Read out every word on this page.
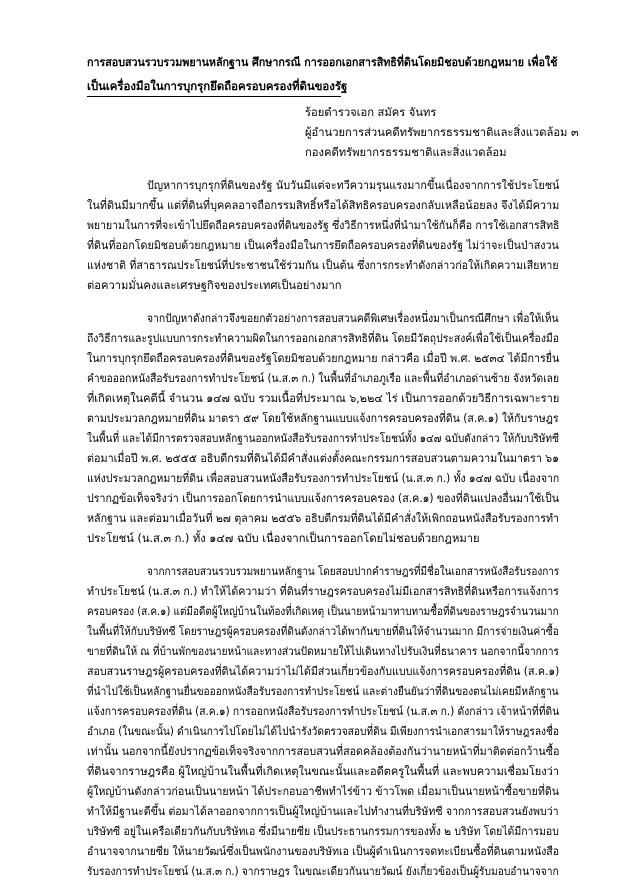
การสอบสวนรวบรวมพยานหลักฐาน ศึกษากรณี การออกเอกสารสิทธิที่ดินโดยมิชอบด้วยกฎหมาย เพื่อใช้
เป็นเครื่องมือในการบุกรุกยึดถือครอบครองที่ดินของรัฐ
ร้อยตำรวจเอก สมัคร จันทร
ผู้อำนวยการส่วนคดีทรัพยากรธรรมชาติและสิ่งแวดล้อม ๓
กองคดีทรัพยากรธรรมชาติและสิ่งแวดล้อม
ปัญหาการบุกรุกที่ดินของรัฐ นับวันมีแต่จะทวีความรุนแรงมากขึ้นเนื่องจากการใช้ประโยชน์
ในที่ดินมีมากขึ้น แต่ที่ดินที่บุคคลอาจถือกรรมสิทธิ์หรือได้สิทธิครอบครองกลับเหลือน้อยลง จึงได้มีความ
พยายามในการที่จะเข้าไปยึดถือครอบครองที่ดินของรัฐ ซึ่งวิธีการหนึ่งที่นำมาใช้กันก็คือ การใช้เอกสารสิทธิ
ที่ดินที่ออกโดยมิชอบด้วยกฎหมาย เป็นเครื่องมือในการยึดถือครอบครองที่ดินของรัฐ ไม่ว่าจะเป็นป่าสงวน
แห่งชาติ ที่สาธารณประโยชน์ที่ประชาชนใช้ร่วมกัน เป็นต้น ซึ่งการกระทำดังกล่าวก่อให้เกิดความเสียหาย
ต่อความมั่นคงและเศรษฐกิจของประเทศเป็นอย่างมาก
จากปัญหาดังกล่าวจึงขอยกตัวอย่างการสอบสวนคดีพิเศษเรื่องหนึ่งมาเป็นกรณีศึกษา เพื่อให้เห็น
ถึงวิธีการและรูปแบบการกระทำความผิดในการออกเอกสารสิทธิที่ดิน โดยมีวัตถุประสงค์เพื่อใช้เป็นเครื่องมือ
ในการบุกรุกยึดถือครอบครองที่ดินของรัฐโดยมิชอบด้วยกฎหมาย กล่าวคือ เมื่อปี พ.ศ. ๒๕๓๔ ได้มีการยื่น
คำขอออกหนังสือรับรองการทำประโยชน์ (น.ส.๓ ก.) ในพื้นที่อำเภอภูเรือ และพื้นที่อำเภอด่านซ้าย จังหวัดเลย
ที่เกิดเหตุในคดีนี้ จำนวน ๑๔๗ ฉบับ รวมเนื้อที่ประมาณ ๖,๒๒๔ ไร่ เป็นการออกด้วยวิธีการเฉพาะราย
ตามประมวลกฎหมายที่ดิน มาตรา ๕๙ โดยใช้หลักฐานแบบแจ้งการครอบครองที่ดิน (ส.ค.๑) ให้กับราษฎร
ในพื้นที่ และได้มีการตรวจสอบหลักฐานออกหนังสือรับรองการทำประโยชน์ทั้ง ๑๔๗ ฉบับดังกล่าว ให้กับบริษัทซี
ต่อมาเมื่อปี พ.ศ. ๒๕๕๕ อธิบดีกรมที่ดินได้มีคำสั่งแต่งตั้งคณะกรรมการสอบสวนตามความในมาตรา ๖๑
แห่งประมวลกฎหมายที่ดิน เพื่อสอบสวนหนังสือรับรองการทำประโยชน์ (น.ส.๓ ก.) ทั้ง ๑๔๗ ฉบับ เนื่องจาก
ปรากฏข้อเท็จจริงว่า เป็นการออกโดยการนำแบบแจ้งการครอบครอง (ส.ค.๑) ของที่ดินแปลงอื่นมาใช้เป็น
หลักฐาน และต่อมาเมื่อวันที่ ๒๗ ตุลาคม ๒๕๕๖ อธิบดีกรมที่ดินได้มีคำสั่งให้เพิกถอนหนังสือรับรองการทำ
ประโยชน์ (น.ส.๓ ก.) ทั้ง ๑๔๗ ฉบับ เนื่องจากเป็นการออกโดยไม่ชอบด้วยกฎหมาย
จากการสอบสวนรวบรวมพยานหลักฐาน โดยสอบปากคำราษฎรที่มีชื่อในเอกสารหนังสือรับรองการ
ทำประโยชน์ (น.ส.๓ ก.) ทำให้ได้ความว่า ที่ดินที่ราษฎรครอบครองไม่มีเอกสารสิทธิที่ดินหรือการแจ้งการ
ครอบครอง (ส.ค.๑) แต่มีอดีตผู้ใหญ่บ้านในท้องที่เกิดเหตุ เป็นนายหน้ามาทาบทามซื้อที่ดินของราษฎรจำนวนมาก
ในพื้นที่ให้กับบริษัทซี โดยราษฎรผู้ครอบครองที่ดินดังกล่าวได้พากันขายที่ดินให้จำนวนมาก มีการจ่ายเงินค่าซื้อ
ขายที่ดินให้ ณ ที่บ้านพักของนายหน้าและทางส่วนปัดหมายให้ไปเดินทางไปรับเงินที่ธนาคาร นอกจากนี้จากการ
สอบสวนราษฎรผู้ครอบครองที่ดินได้ความว่าไม่ได้มีส่วนเกี่ยวข้องกับแบบแจ้งการครอบครองที่ดิน (ส.ค.๑)
ที่นำไปใช้เป็นหลักฐานยื่นขอออกหนังสือรับรองการทำประโยชน์ และต่างยืนยันว่าที่ดินของตนไม่เคยมีหลักฐาน
แจ้งการครอบครองที่ดิน (ส.ค.๑) การออกหนังสือรับรองการทำประโยชน์ (น.ส.๓ ก.) ดังกล่าว เจ้าหน้าที่ที่ดิน
อำเภอ (ในขณะนั้น) ดำเนินการไปโดยไม่ได้ไปนำรังวัดตรวจสอบที่ดิน มีเพียงการนำเอกสารมาให้ราษฎรลงชื่อ
เท่านั้น นอกจากนี้ยังปรากฏข้อเท็จจริงจากการสอบสวนที่สอดคล้องต้องกันว่านายหน้าที่มาติดต่อกว้านซื้อ
ที่ดินจากราษฎรคือ ผู้ใหญ่บ้านในพื้นที่เกิดเหตุในขณะนั้นและอดีตครูในพื้นที่ และพบความเชื่อมโยงว่า
ผู้ใหญ่บ้านดังกล่าวก่อนเป็นนายหน้า ได้ประกอบอาชีพทำไร่ข้าว ข้าวโพด เมื่อมาเป็นนายหน้าซื้อขายที่ดิน
ทำให้มีฐานะดีขึ้น ต่อมาได้ลาออกจากการเป็นผู้ใหญ่บ้านและไปทำงานที่บริษัทซี จากการสอบสวนยังพบว่า
บริษัทซี อยู่ในเครือเดียวกันกับบริษัทเอ ซึ่งมีนายซีย เป็นประธานกรรมการของทั้ง ๒ บริษัท โดยได้มีการมอบ
อำนาจจากนายซีย ให้นายวัฒน์ซึ่งเป็นพนักงานของบริษัทเอ เป็นผู้ดำเนินการจดทะเบียนซื้อที่ดินตามหนังสือ
รับรองการทำประโยชน์ (น.ส.๓ ก.) จากราษฎร ในขณะเดียวกันนายวัฒน์ ยังเกี่ยวข้องเป็นผู้รับมอบอำนาจจาก
